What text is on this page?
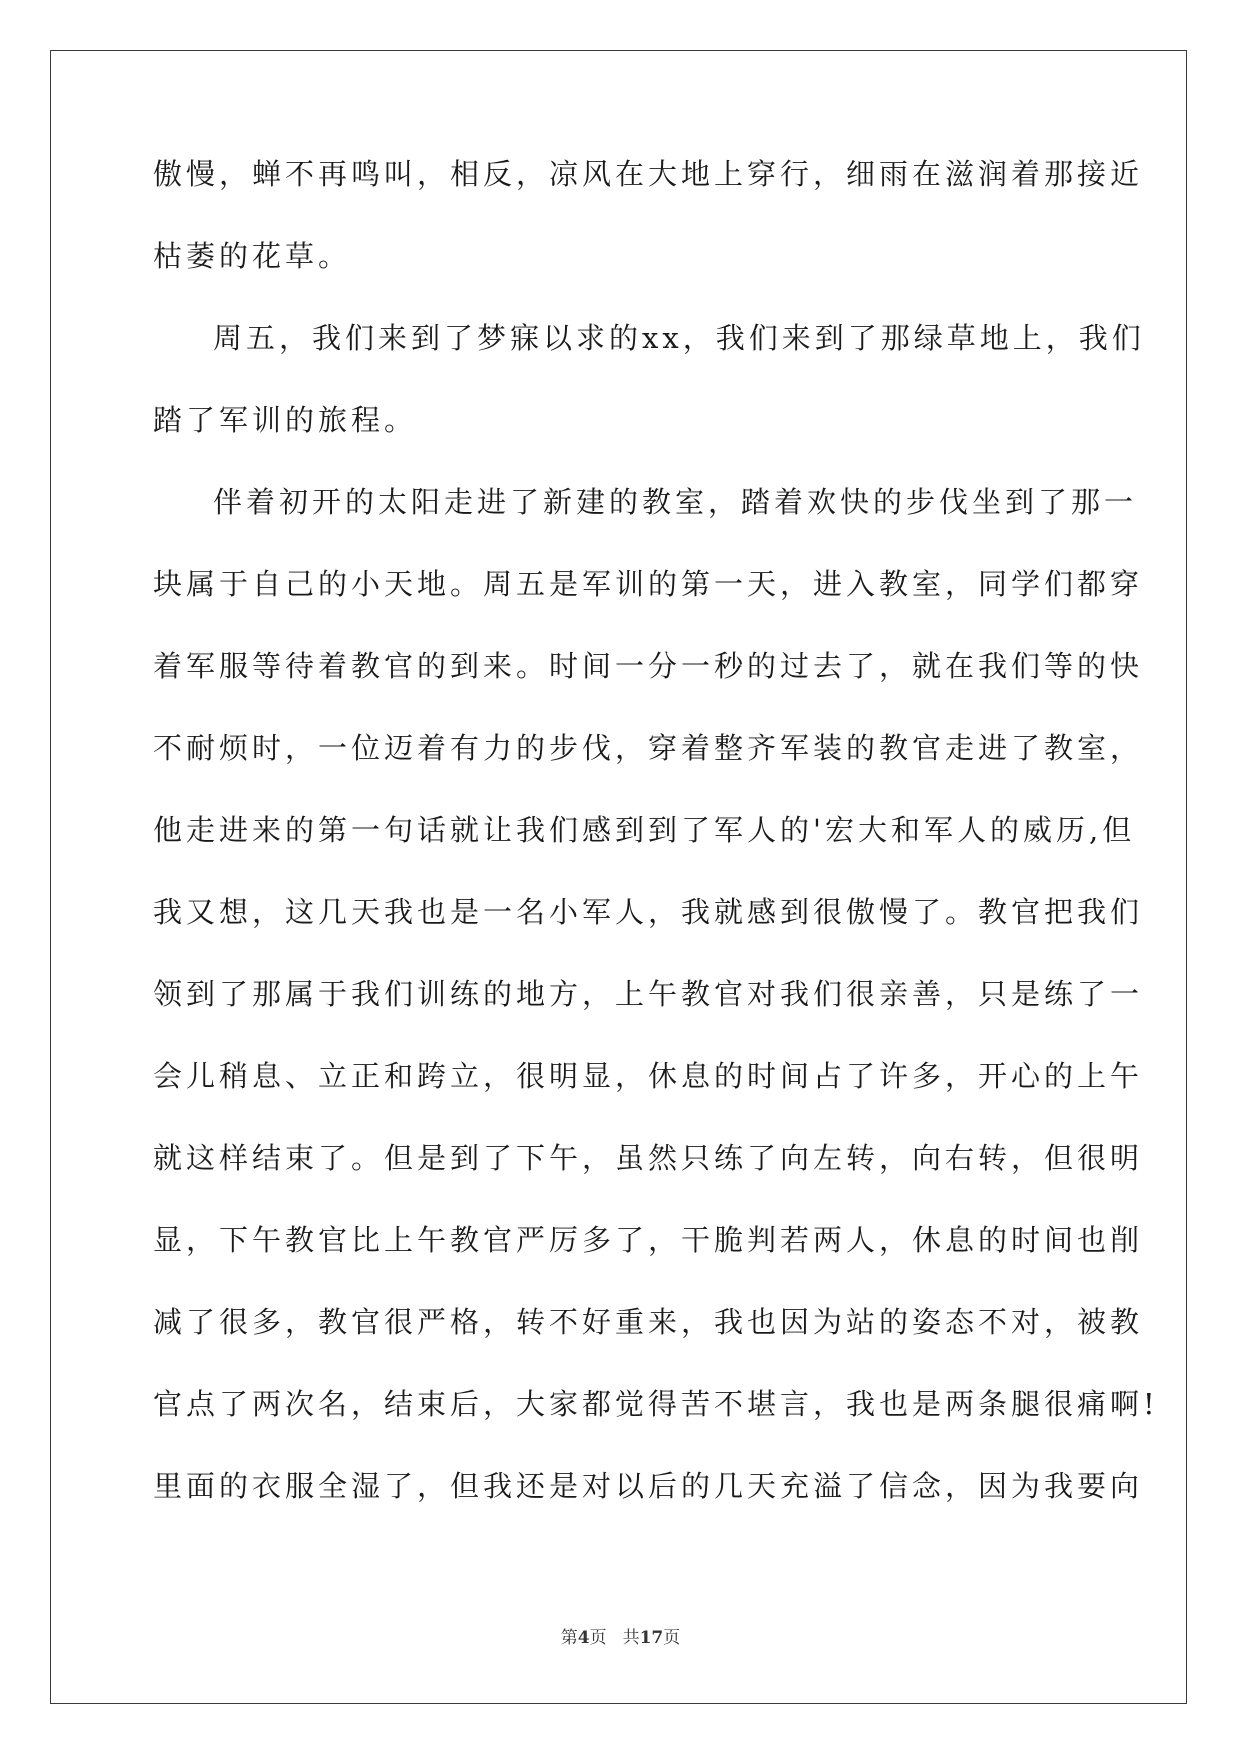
傲慢，蝉不再鸣叫，相反，凉风在大地上穿行，细雨在滋润着那接近
枯萎的花草。
周五，我们来到了梦寐以求的xx，我们来到了那绿草地上，我们
踏了军训的旅程。
伴着初开的太阳走进了新建的教室，踏着欢快的步伐坐到了那一
块属于自己的小天地。周五是军训的第一天，进入教室，同学们都穿
着军服等待着教官的到来。时间一分一秒的过去了，就在我们等的快
不耐烦时，一位迈着有力的步伐，穿着整齐军装的教官走进了教室，
他走进来的第一句话就让我们感到到了军人的'宏大和军人的威历,但
我又想，这几天我也是一名小军人，我就感到很傲慢了。教官把我们
领到了那属于我们训练的地方，上午教官对我们很亲善，只是练了一
会儿稍息、立正和跨立，很明显，休息的时间占了许多，开心的上午
就这样结束了。但是到了下午，虽然只练了向左转，向右转，但很明
显，下午教官比上午教官严厉多了，干脆判若两人，休息的时间也削
减了很多，教官很严格，转不好重来，我也因为站的姿态不对，被教
官点了两次名，结束后，大家都觉得苦不堪言，我也是两条腿很痛啊!
里面的衣服全湿了，但我还是对以后的几天充溢了信念，因为我要向
第4页 共17页
